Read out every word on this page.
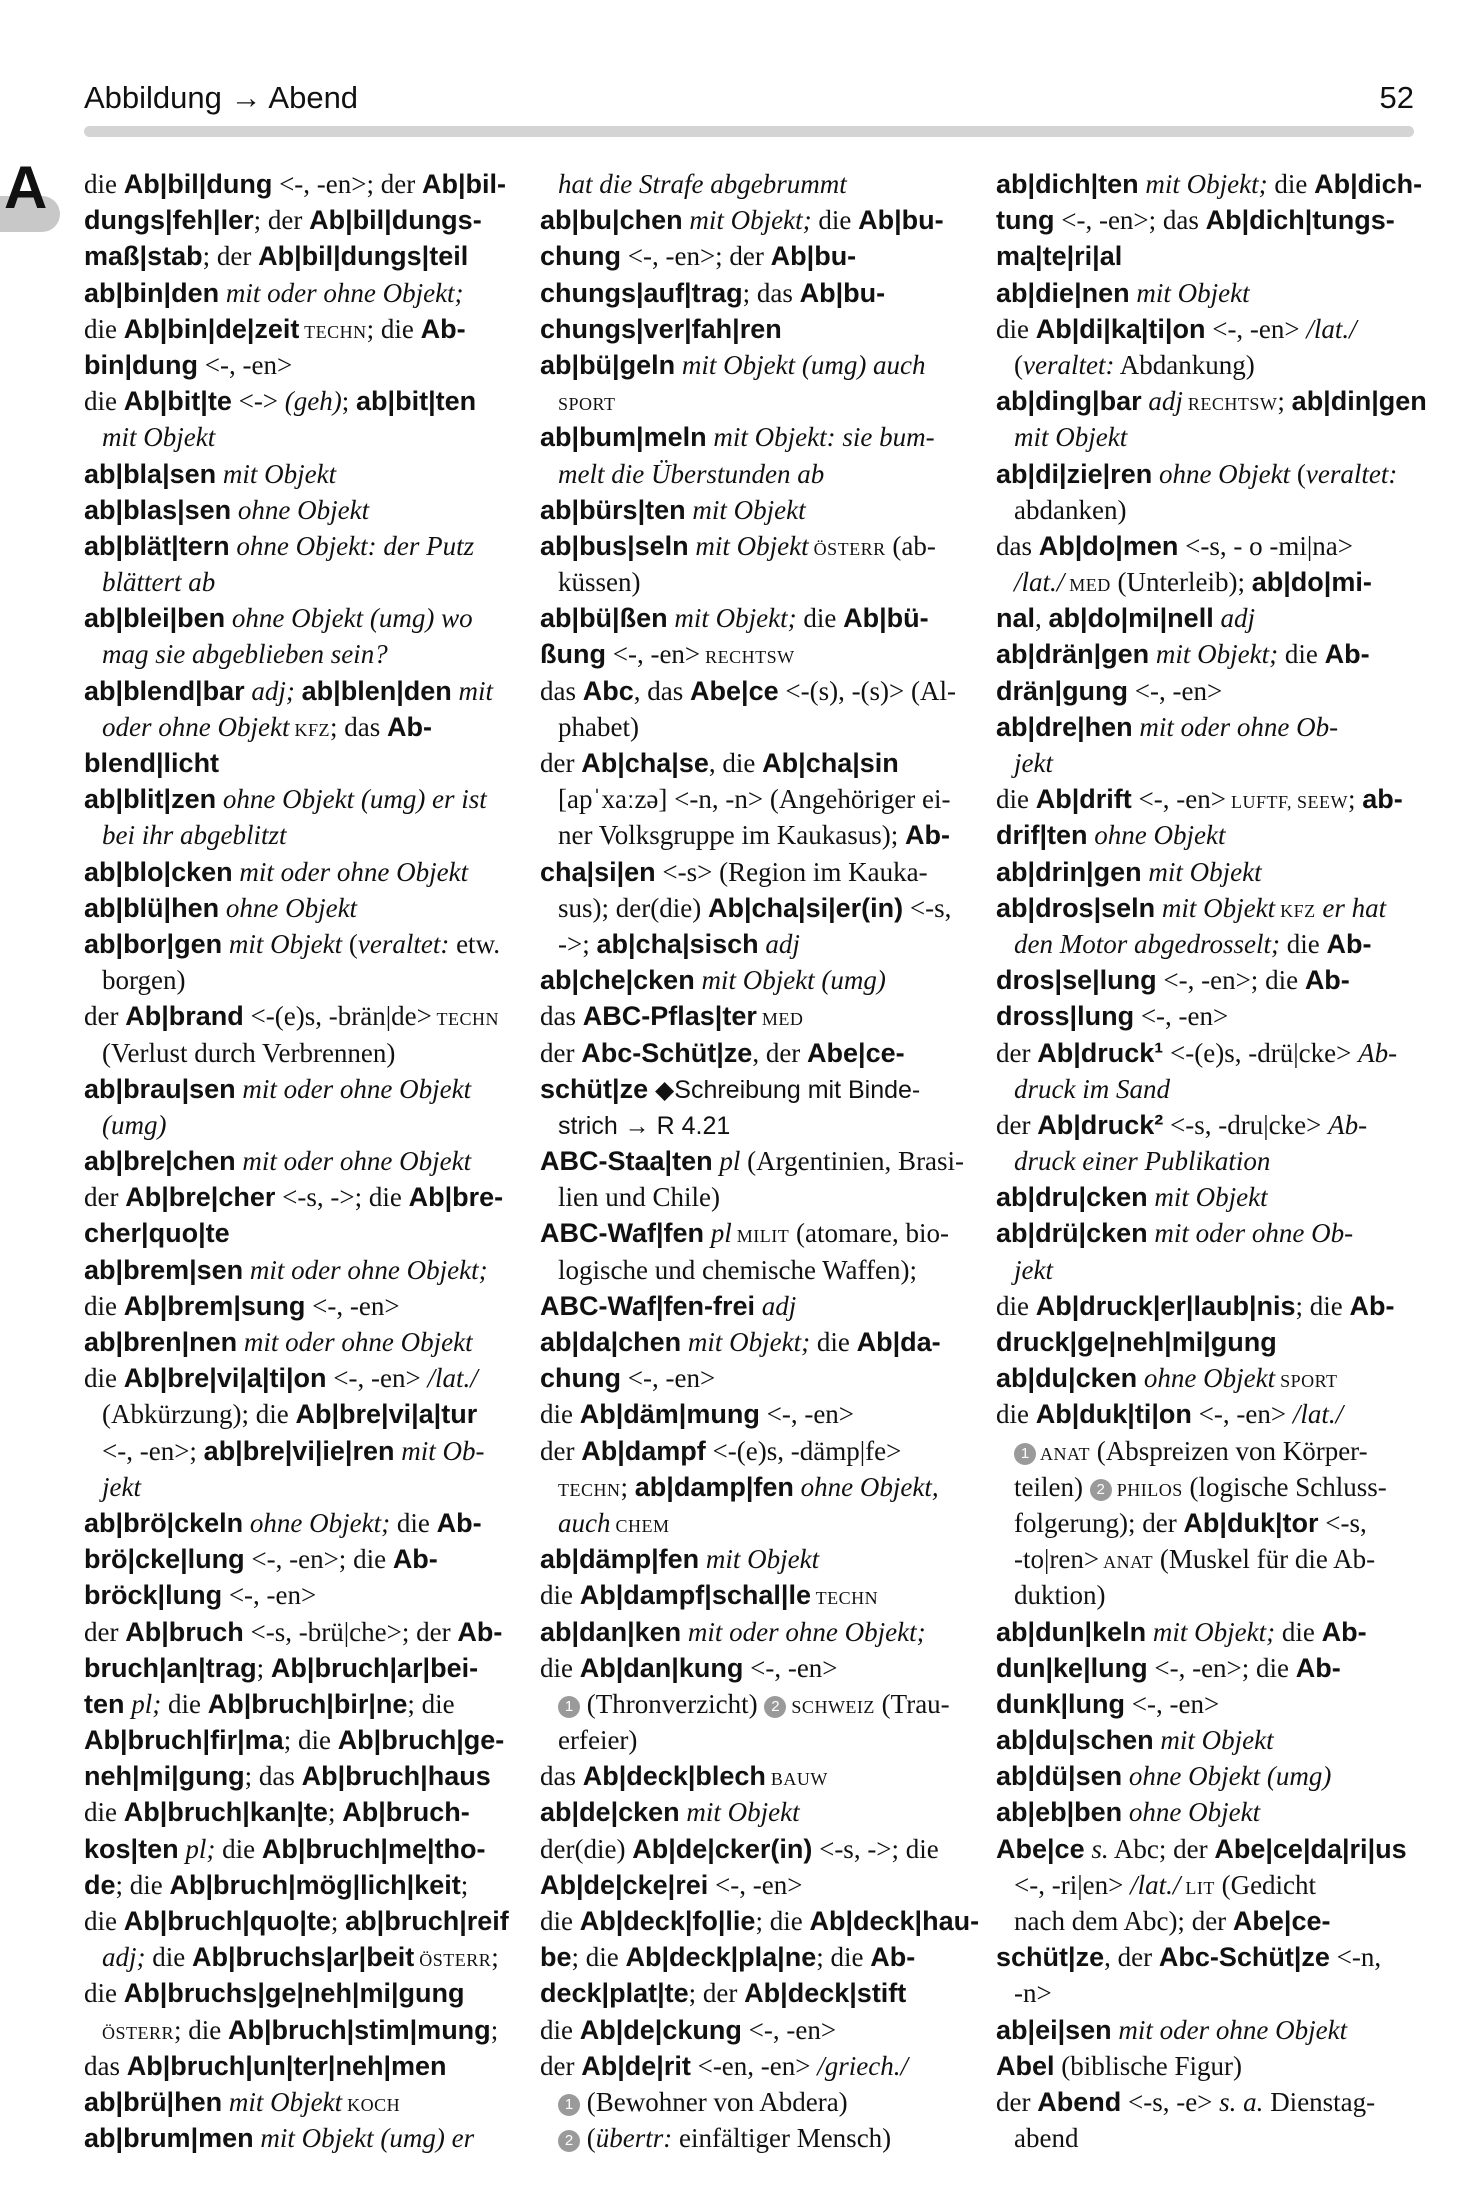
Abbildung → Abend	52
A die Ab|bil|dung <-, -en>; der Ab|bil-
dungs|feh|ler; der Ab|bil|dungs-
maß|stab; der Ab|bil|dungs|teil
ab|bin|den mit oder ohne Objekt;
die Ab|bin|de|zeit TECHN; die Ab-
bin|dung <-, -en>
die Ab|bit|te <-> (geh); ab|bit|ten
mit Objekt
ab|bla|sen mit Objekt
ab|blas|sen ohne Objekt
ab|blät|tern ohne Objekt: der Putz
blättert ab
ab|blei|ben ohne Objekt (umg) wo
mag sie abgeblieben sein?
ab|blend|bar adj; ab|blen|den mit
oder ohne Objekt KFZ; das Ab-
blend|licht
ab|blit|zen ohne Objekt (umg) er ist
bei ihr abgeblitzt
ab|blo|cken mit oder ohne Objekt
ab|blü|hen ohne Objekt
ab|bor|gen mit Objekt (veraltet: etw.
borgen)
der Ab|brand <-(e)s, -brän|de> TECHN
(Verlust durch Verbrennen)
ab|brau|sen mit oder ohne Objekt
(umg)
ab|bre|chen mit oder ohne Objekt
der Ab|bre|cher <-s, ->; die Ab|bre-
cher|quo|te
ab|brem|sen mit oder ohne Objekt;
die Ab|brem|sung <-, -en>
ab|bren|nen mit oder ohne Objekt
die Ab|bre|vi|a|ti|on <-, -en> /lat./
(Abkürzung); die Ab|bre|vi|a|tur
<-, -en>; ab|bre|vi|ie|ren mit Ob-
jekt
ab|brö|ckeln ohne Objekt; die Ab-
brö|cke|lung <-, -en>; die Ab-
bröck|lung <-, -en>
der Ab|bruch <-s, -brü|che>; der Ab-
bruch|an|trag; Ab|bruch|ar|bei-
ten pl; die Ab|bruch|bir|ne; die
Ab|bruch|fir|ma; die Ab|bruch|ge-
neh|mi|gung; das Ab|bruch|haus
die Ab|bruch|kan|te; Ab|bruch-
kos|ten pl; die Ab|bruch|me|tho-
de; die Ab|bruch|mög|lich|keit;
die Ab|bruch|quo|te; ab|bruch|reif
adj; die Ab|bruchs|ar|beit ÖSTERR;
die Ab|bruchs|ge|neh|mi|gung
ÖSTERR; die Ab|bruch|stim|mung;
das Ab|bruch|un|ter|neh|men
ab|brü|hen mit Objekt KOCH
ab|brum|men mit Objekt (umg) er
hat die Strafe abgebrummt
ab|bu|chen mit Objekt; die Ab|bu-
chung <-, -en>; der Ab|bu-
chungs|auf|trag; das Ab|bu-
chungs|ver|fah|ren
ab|bü|geln mit Objekt (umg) auch
SPORT
ab|bum|meln mit Objekt: sie bum-
melt die Überstunden ab
ab|bürs|ten mit Objekt
ab|bus|seln mit Objekt ÖSTERR (ab-
küssen)
ab|bü|ßen mit Objekt; die Ab|bü-
ßung <-, -en> RECHTSW
das Abc, das Abe|ce <-(s), -(s)> (Al-
phabet)
der Ab|cha|se, die Ab|cha|sin
[apˈxaːzə] <-n, -n> (Angehöriger ei-
ner Volksgruppe im Kaukasus); Ab-
cha|si|en <-s> (Region im Kauka-
sus); der(die) Ab|cha|si|er(in) <-s,
->; ab|cha|sisch adj
ab|che|cken mit Objekt (umg)
das ABC-Pflas|ter MED
der Abc-Schüt|ze, der Abe|ce-
schüt|ze ◆Schreibung mit Binde-
strich → R 4.21
ABC-Staa|ten pl (Argentinien, Brasi-
lien und Chile)
ABC-Waf|fen pl MILIT (atomare, bio-
logische und chemische Waffen);
ABC-Waf|fen-frei adj
ab|da|chen mit Objekt; die Ab|da-
chung <-, -en>
die Ab|däm|mung <-, -en>
der Ab|dampf <-(e)s, -dämp|fe>
TECHN; ab|damp|fen ohne Objekt,
auch CHEM
ab|dämp|fen mit Objekt
die Ab|dampf|schal|le TECHN
ab|dan|ken mit oder ohne Objekt;
die Ab|dan|kung <-, -en>
1 (Thronverzicht) 2 SCHWEIZ (Trau-
erfeier)
das Ab|deck|blech BAUW
ab|de|cken mit Objekt
der(die) Ab|de|cker(in) <-s, ->; die
Ab|de|cke|rei <-, -en>
die Ab|deck|fo|lie; die Ab|deck|hau-
be; die Ab|deck|pla|ne; die Ab-
deck|plat|te; der Ab|deck|stift
die Ab|de|ckung <-, -en>
der Ab|de|rit <-en, -en> /griech./
1 (Bewohner von Abdera)
2 (übertr: einfältiger Mensch)
ab|dich|ten mit Objekt; die Ab|dich-
tung <-, -en>; das Ab|dich|tungs-
ma|te|ri|al
ab|die|nen mit Objekt
die Ab|di|ka|ti|on <-, -en> /lat./
(veraltet: Abdankung)
ab|ding|bar adj RECHTSW; ab|din|gen
mit Objekt
ab|di|zie|ren ohne Objekt (veraltet:
abdanken)
das Ab|do|men <-s, - o -mi|na>
/lat./ MED (Unterleib); ab|do|mi-
nal, ab|do|mi|nell adj
ab|drän|gen mit Objekt; die Ab-
drän|gung <-, -en>
ab|dre|hen mit oder ohne Ob-
jekt
die Ab|drift <-, -en> LUFTF, SEEW; ab-
drif|ten ohne Objekt
ab|drin|gen mit Objekt
ab|dros|seln mit Objekt KFZ er hat
den Motor abgedrosselt; die Ab-
dros|se|lung <-, -en>; die Ab-
dross|lung <-, -en>
der Ab|druck¹ <-(e)s, -drü|cke> Ab-
druck im Sand
der Ab|druck² <-s, -dru|cke> Ab-
druck einer Publikation
ab|dru|cken mit Objekt
ab|drü|cken mit oder ohne Ob-
jekt
die Ab|druck|er|laub|nis; die Ab-
druck|ge|neh|mi|gung
ab|du|cken ohne Objekt SPORT
die Ab|duk|ti|on <-, -en> /lat./
1 ANAT (Abspreizen von Körper-
teilen) 2 PHILOS (logische Schluss-
folgerung); der Ab|duk|tor <-s,
-to|ren> ANAT (Muskel für die Ab-
duktion)
ab|dun|keln mit Objekt; die Ab-
dun|ke|lung <-, -en>; die Ab-
dunk|lung <-, -en>
ab|du|schen mit Objekt
ab|dü|sen ohne Objekt (umg)
ab|eb|ben ohne Objekt
Abe|ce s. Abc; der Abe|ce|da|ri|us
<-, -ri|en> /lat./ LIT (Gedicht
nach dem Abc); der Abe|ce-
schüt|ze, der Abc-Schüt|ze <-n,
-n>
ab|ei|sen mit oder ohne Objekt
Abel (biblische Figur)
der Abend <-s, -e> s. a. Dienstag-
abend
